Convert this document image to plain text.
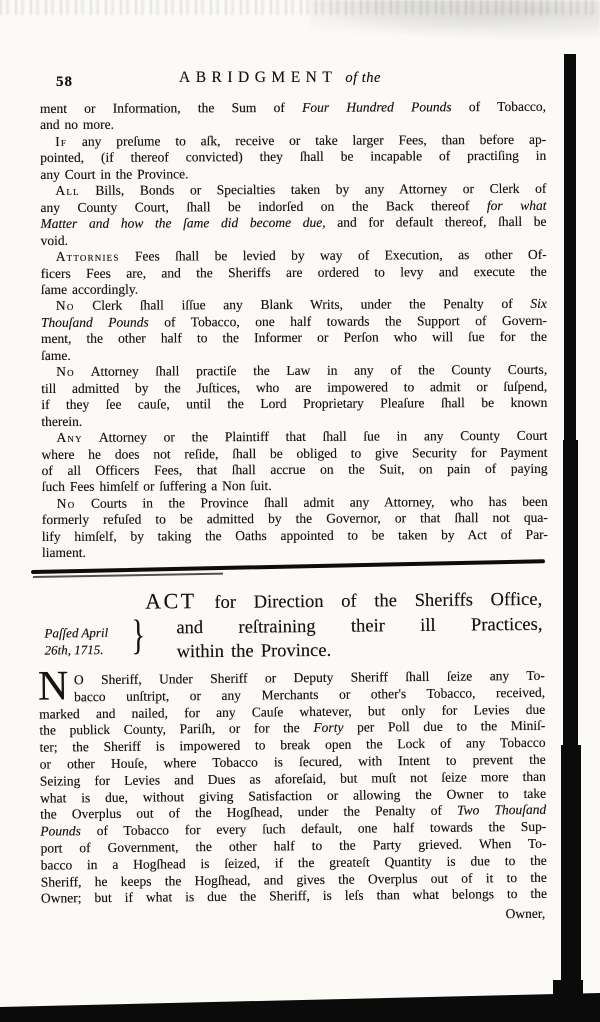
58	ABRIDGMENT of the
ment or Information, the Sum of Four Hundred Pounds of Tobacco,
and no more.
If any preſume to aſk, receive or take larger Fees, than before ap-
pointed, (if thereof convicted) they ſhall be incapable of practiſing in
any Court in the Province.
All Bills, Bonds or Specialties taken by any Attorney or Clerk of
any County Court, ſhall be indorſed on the Back thereof for what
Matter and how the ſame did become due, and for default thereof, ſhall be
void.
Attornies Fees ſhall be levied by way of Execution, as other Of-
ficers Fees are, and the Sheriffs are ordered to levy and execute the
ſame accordingly.
No Clerk ſhall iſſue any Blank Writs, under the Penalty of Six
Thouſand Pounds of Tobacco, one half towards the Support of Govern-
ment, the other half to the Informer or Perſon who will ſue for the
ſame.
No Attorney ſhall practiſe the Law in any of the County Courts,
till admitted by the Juſtices, who are impowered to admit or ſuſpend,
if they ſee cauſe, until the Lord Proprietary Pleaſure ſhall be known
therein.
Any Attorney or the Plaintiff that ſhall ſue in any County Court
where he does not reſide, ſhall be obliged to give Security for Payment
of all Officers Fees, that ſhall accrue on the Suit, on pain of paying
ſuch Fees himſelf or ſuffering a Non ſuit.
No Courts in the Province ſhall admit any Attorney, who has been
formerly refuſed to be admitted by the Governor, or that ſhall not qua-
lify himſelf, by taking the Oaths appointed to be taken by Act of Par-
liament.
ACT for Direction of the Sheriffs Office,
and reſtraining their ill Practices,
within the Province.
Paſſed April
26th, 1715. }
N O Sheriff, Under Sheriff or Deputy Sheriff ſhall ſeize any To-
bacco unſtript, or any Merchants or other's Tobacco, received,
marked and nailed, for any Cauſe whatever, but only for Levies due
the publick County, Pariſh, or for the Forty per Poll due to the Miniſ-
ter; the Sheriff is impowered to break open the Lock of any Tobacco
or other Houſe, where Tobacco is ſecured, with Intent to prevent the
Seizing for Levies and Dues as aforeſaid, but muſt not ſeize more than
what is due, without giving Satisfaction or allowing the Owner to take
the Overplus out of the Hogſhead, under the Penalty of Two Thouſand
Pounds of Tobacco for every ſuch default, one half towards the Sup-
port of Government, the other half to the Party grieved. When To-
bacco in a Hogſhead is ſeized, if the greateſt Quantity is due to the
Sheriff, he keeps the Hogſhead, and gives the Overplus out of it to the
Owner; but if what is due the Sheriff, is leſs than what belongs to the
Owner,
